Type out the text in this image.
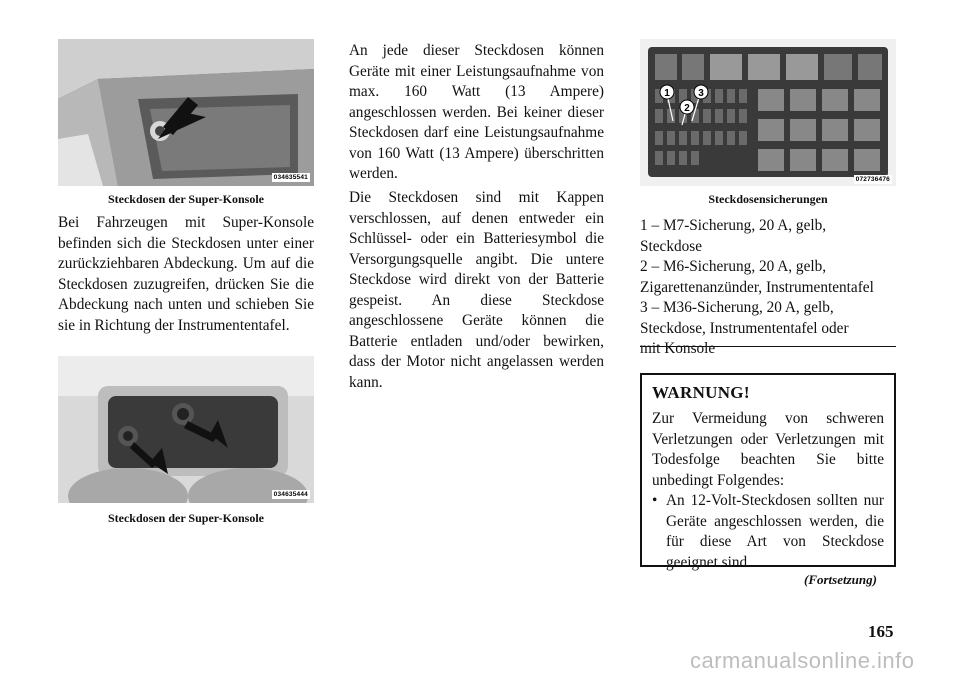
034635541
Steckdosen der Super-Konsole

Bei Fahrzeugen mit Super-Konsole befinden sich die Steckdosen unter einer zurückziehbaren Abdeckung. Um auf die Steckdosen zuzugreifen, drücken Sie die Abdeckung nach unten und schieben Sie sie in Richtung der Instrumententafel.

034635444
Steckdosen der Super-Konsole

An jede dieser Steckdosen können Geräte mit einer Leistungsaufnahme von max. 160 Watt (13 Ampere) angeschlossen werden. Bei keiner dieser Steckdosen darf eine Leistungsaufnahme von 160 Watt (13 Ampere) überschritten werden.

Die Steckdosen sind mit Kappen verschlossen, auf denen entweder ein Schlüssel- oder ein Batteriesymbol die Versorgungsquelle angibt. Die untere Steckdose wird direkt von der Batterie gespeist. An diese Steckdose angeschlossene Geräte können die Batterie entladen und/oder bewirken, dass der Motor nicht angelassen werden kann.

1
2
3
072736476
Steckdosensicherungen

1 – M7-Sicherung, 20 A, gelb, Steckdose

2 – M6-Sicherung, 20 A, gelb, Zigarettenanzünder, Instrumententafel

3 – M36-Sicherung, 20 A, gelb, Steckdose, Instrumententafel oder mit Konsole

WARNUNG!

Zur Vermeidung von schweren Verletzungen oder Verletzungen mit Todesfolge beachten Sie bitte unbedingt Folgendes:

• An 12-Volt-Steckdosen sollten nur Geräte angeschlossen werden, die für diese Art von Steckdose geeignet sind.
(Fortsetzung)
165
carmanualsonline.info
